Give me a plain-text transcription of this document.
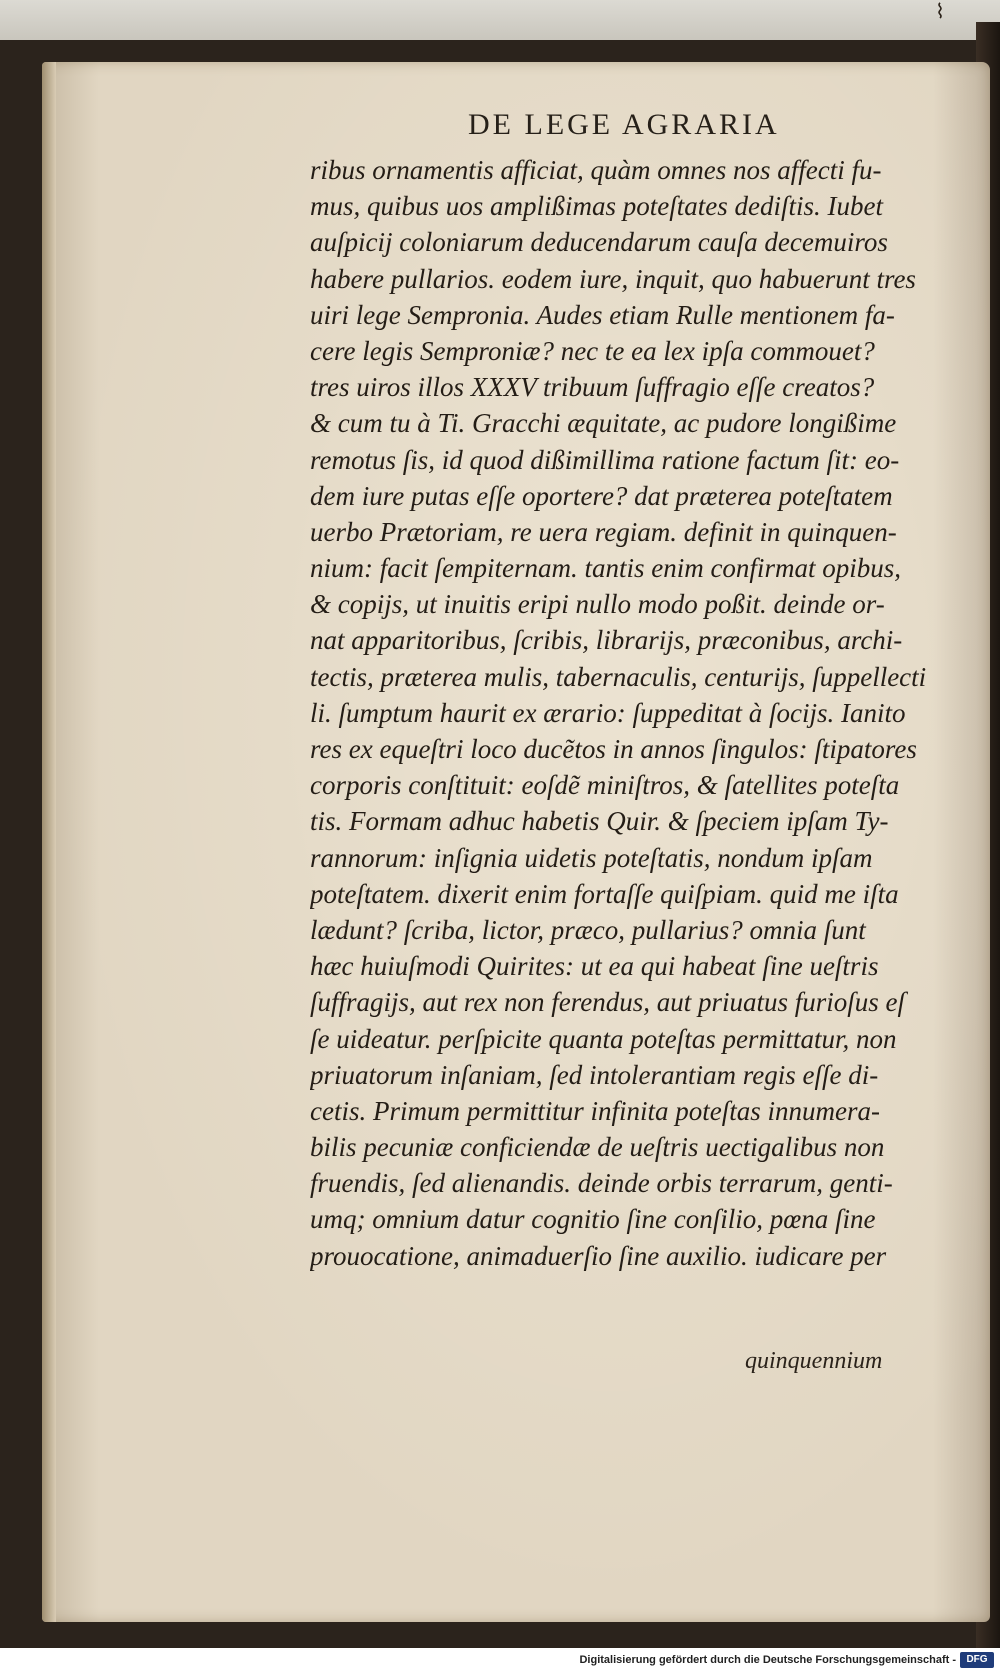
⌇
DE LEGE AGRARIA
ribus ornamentis afficiat, quàm omnes nos affecti fu-
mus, quibus uos amplißimas poteſtates dediſtis. Iubet
auſpicij coloniarum deducendarum cauſa decemuiros
habere pullarios. eodem iure, inquit, quo habuerunt tres
uiri lege Sempronia. Audes etiam Rulle mentionem fa-
cere legis Semproniæ? nec te ea lex ipſa commouet?
tres uiros illos XXXV tribuum ſuffragio eſſe creatos?
& cum tu à Ti. Gracchi æquitate, ac pudore longißime
remotus ſis, id quod dißimillima ratione factum ſit: eo-
dem iure putas eſſe oportere? dat præterea poteſtatem
uerbo Prætoriam, re uera regiam. definit in quinquen-
nium: facit ſempiternam. tantis enim confirmat opibus,
& copijs, ut inuitis eripi nullo modo poßit. deinde or-
nat apparitoribus, ſcribis, librarijs, præconibus, archi-
tectis, præterea mulis, tabernaculis, centurijs, ſuppellecti
li. ſumptum haurit ex ærario: ſuppeditat à ſocijs. Ianito
res ex equeſtri loco ducẽtos in annos ſingulos: ſtipatores
corporis conſtituit: eoſdẽ miniſtros, & ſatellites poteſta
tis. Formam adhuc habetis Quir. & ſpeciem ipſam Ty-
rannorum: inſignia uidetis poteſtatis, nondum ipſam
poteſtatem. dixerit enim fortaſſe quiſpiam. quid me iſta
lædunt? ſcriba, lictor, præco, pullarius? omnia ſunt
hæc huiuſmodi Quirites: ut ea qui habeat ſine ueſtris
ſuffragijs, aut rex non ferendus, aut priuatus furioſus eſ
ſe uideatur. perſpicite quanta poteſtas permittatur, non
priuatorum inſaniam, ſed intolerantiam regis eſſe di-
cetis. Primum permittitur infinita poteſtas innumera-
bilis pecuniæ conficiendæ de ueſtris uectigalibus non
fruendis, ſed alienandis. deinde orbis terrarum, genti-
umq; omnium datur cognitio ſine conſilio, pœna ſine
prouocatione, animaduerſio ſine auxilio. iudicare per
quinquennium
Digitalisierung gefördert durch die Deutsche Forschungsgemeinschaft -	DFG
